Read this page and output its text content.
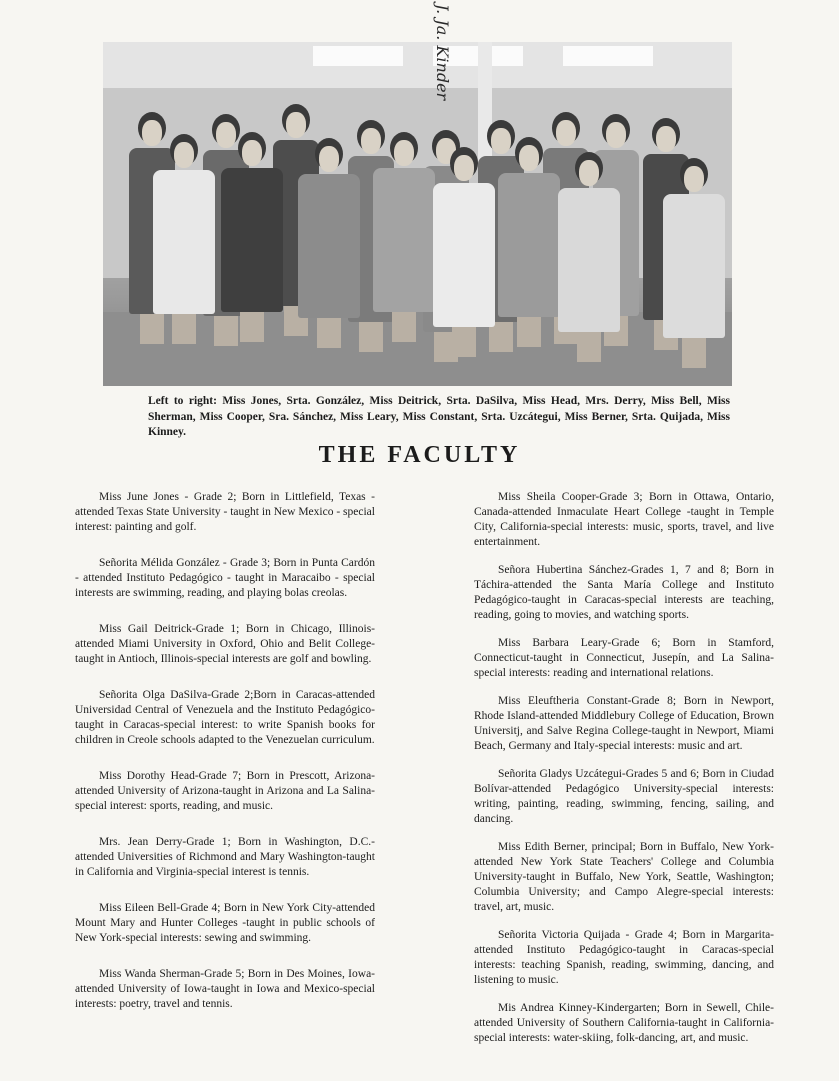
J. Ja. Kinder
Left to right: Miss Jones, Srta. González, Miss Deitrick, Srta. DaSilva, Miss Head, Mrs. Derry, Miss Bell, Miss Sherman, Miss Cooper, Sra. Sánchez, Miss Leary, Miss Constant, Srta. Uzcátegui, Miss Berner, Srta. Quijada, Miss Kinney.
THE FACULTY

Miss June Jones - Grade 2; Born in Littlefield, Texas - attended Texas State University - taught in New Mexico - special interest: painting and golf.

Señorita Mélida González - Grade 3; Born in Punta Cardón - attended Instituto Pedagógico - taught in Maracaibo - special interests are swimming, reading, and playing bolas creolas.

Miss Gail Deitrick-Grade 1; Born in Chicago, Illinois-attended Miami University in Oxford, Ohio and Belit College- taught in Antioch, Illinois-special interests are golf and bowling.

Señorita Olga DaSilva-Grade 2;Born in Caracas-attended Universidad Central of Venezuela and the Instituto Pedagógico-taught in Caracas-special interest: to write Spanish books for children in Creole schools adapted to the Venezuelan curriculum.

Miss Dorothy Head-Grade 7; Born in Prescott, Arizona-attended University of Arizona-taught in Arizona and La Salina-special interest: sports, reading, and music.

Mrs. Jean Derry-Grade 1; Born in Washington, D.C.-attended Universities of Richmond and Mary Washington-taught in California and Virginia-special interest is tennis.

Miss Eileen Bell-Grade 4; Born in New York City-attended Mount Mary and Hunter Colleges -taught in public schools of New York-special interests: sewing and swimming.

Miss Wanda Sherman-Grade 5; Born in Des Moines, Iowa-attended University of Iowa-taught in Iowa and Mexico-special interests: poetry, travel and tennis.

Miss Sheila Cooper-Grade 3; Born in Ottawa, Ontario, Canada-attended Inmaculate Heart College -taught in Temple City, California-special interests: music, sports, travel, and live entertainment.

Señora Hubertina Sánchez-Grades 1, 7 and 8; Born in Táchira-attended the Santa María College and Instituto Pedagógico-taught in Caracas-special interests are teaching, reading, going to movies, and watching sports.

Miss Barbara Leary-Grade 6; Born in Stamford, Connecticut-taught in Connecticut, Jusepín, and La Salina-special interests: reading and international relations.

Miss Eleuftheria Constant-Grade 8; Born in Newport, Rhode Island-attended Middlebury College of Education, Brown Universitj, and Salve Regina College-taught in Newport, Miami Beach, Germany and Italy-special interests: music and art.

Señorita Gladys Uzcátegui-Grades 5 and 6; Born in Ciudad Bolívar-attended Pedagógico University-special interests: writing, painting, reading, swimming, fencing, sailing, and dancing.

Miss Edith Berner, principal; Born in Buffalo, New York-attended New York State Teachers' College and Columbia University-taught in Buffalo, New York, Seattle, Washington; Columbia University; and Campo Alegre-special interests: travel, art, music.

Señorita Victoria Quijada - Grade 4; Born in Margarita-attended Instituto Pedagógico-taught in Caracas-special interests: teaching Spanish, reading, swimming, dancing, and listening to music.

Mis Andrea Kinney-Kindergarten; Born in Sewell, Chile-attended University of Southern California-taught in California-special interests: water-skiing, folk-dancing, art, and music.
